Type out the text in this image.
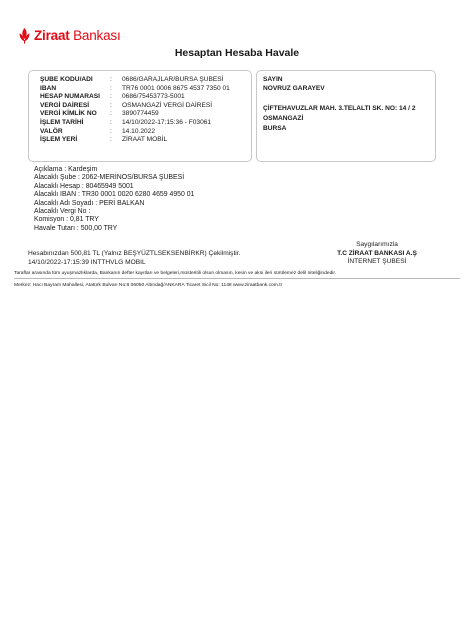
Ziraat Bankası
Hesaptan Hesaba Havale
ŞUBE KODU/ADI	:	0686/GARAJLAR/BURSA ŞUBESİ
IBAN	:	TR76 0001 0006 8675 4537 7350 01
HESAP NUMARASI	:	0686/75453773-5001
VERGİ DAİRESİ	:	OSMANGAZİ VERGİ DAİRESİ
VERGİ KİMLİK NO	:	3890774459
İŞLEM TARİHİ	:	14/10/2022-17:15:36 - F03061
VALÖR	:	14.10.2022
İŞLEM YERİ	:	ZİRAAT MOBİL
SAYIN
NOVRUZ GARAYEV
ÇİFTEHAVUZLAR MAH. 3.TELALTI SK. NO: 14 / 2
OSMANGAZİ
BURSA
Açıklama : Kardeşim
Alacaklı Şube : 2062-MERİNOS/BURSA ŞUBESİ
Alacaklı Hesap : 80465949 5001
Alacaklı IBAN : TR30 0001 0020 6280 4659 4950 01
Alacaklı Adı Soyadı : PERİ BALKAN
Alacaklı Vergi No :
Komisyon : 0,81 TRY
Havale Tutarı : 500,00 TRY
Hesabınızdan 500,81 TL (Yalnız BEŞYÜZTLSEKSENBİRKR) Çekilmiştir.
14/10/2022-17:15:39 INTTHVLG MOBIL
Saygılarımızla
T.C ZİRAAT BANKASI A.Ş
İNTERNET ŞUBESİ
Taraflar arasında tüm uyuşmazlıklarda, Bankanın defter kayıtları ve belgeleri,müsteritili olsun olmasın, kesin ve aksi ileri sürülemez delil niteliğindedir.
Merkez: Hacı Bayram Mahallesi, Atatürk Bulvarı No:8 06050 Altındağ/ANKARA Ticaret Sicil No: 1148 www.ziraatbank.com.tr
